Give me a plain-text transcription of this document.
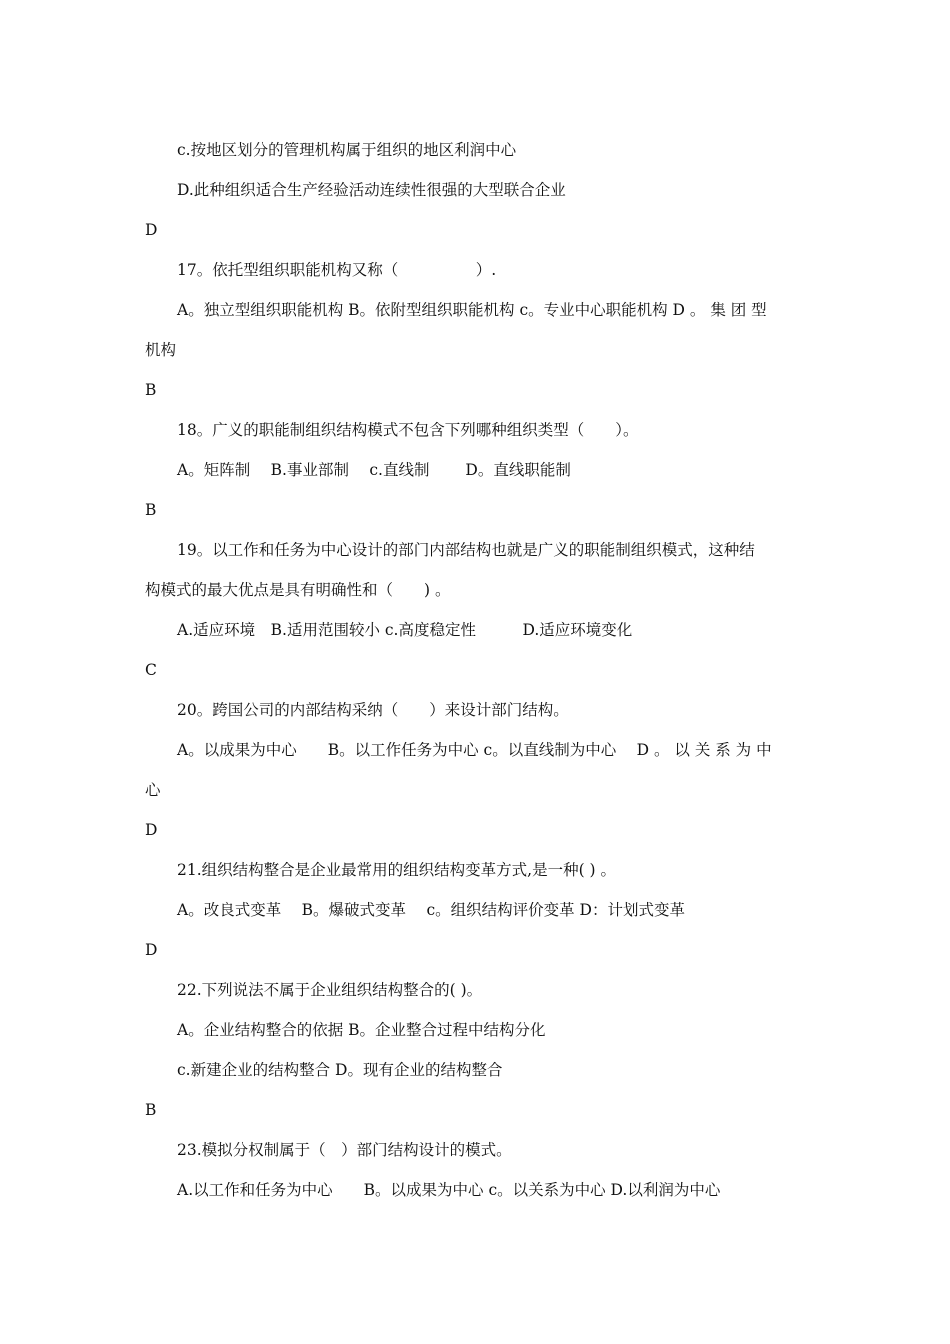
c.按地区划分的管理机构属于组织的地区利润中心
D.此种组织适合生产经验活动连续性很强的大型联合企业
D
17。依托型组织职能机构又称（　　　　　）.
A。独立型组织职能机构 B。依附型组织职能机构 c。专业中心职能机构 D 。 集 团 型
机构
B
18。广义的职能制组织结构模式不包含下列哪种组织类型（　　）。
A。矩阵制　 B.事业部制　 c.直线制　　 D。直线职能制
B
19。以工作和任务为中心设计的部门内部结构也就是广义的职能制组织模式，这种结
构模式的最大优点是具有明确性和（　　) 。
A.适应环境　B.适用范围较小 c.高度稳定性　　　D.适应环境变化
C
20。跨国公司的内部结构采纳（　　）来设计部门结构。
A。以成果为中心　　B。以工作任务为中心 c。以直线制为中心　 D 。 以 关 系 为 中
心
D
21.组织结构整合是企业最常用的组织结构变革方式,是一种( ) 。
A。改良式变革　 B。爆破式变革　 c。组织结构评价变革 D：计划式变革
D
22.下列说法不属于企业组织结构整合的( )。
A。企业结构整合的依据 B。企业整合过程中结构分化
c.新建企业的结构整合 D。现有企业的结构整合
B
23.模拟分权制属于（　）部门结构设计的模式。
A.以工作和任务为中心　　B。以成果为中心 c。以关系为中心 D.以利润为中心
